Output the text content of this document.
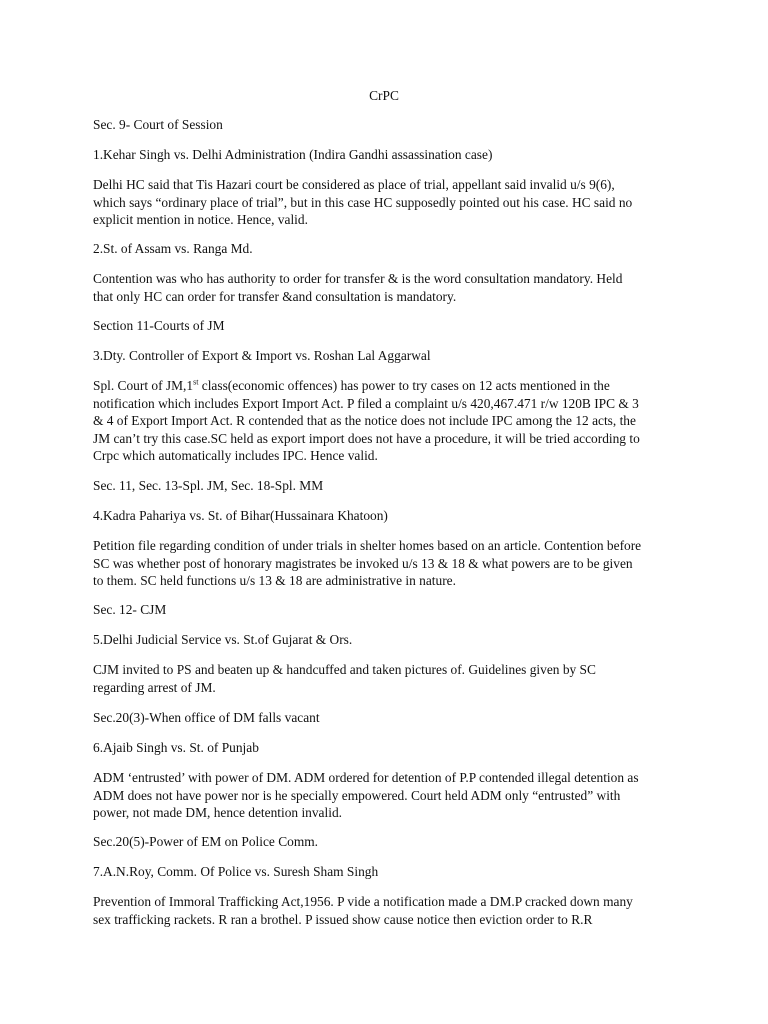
CrPC

Sec. 9- Court of Session

1.Kehar Singh vs. Delhi Administration (Indira Gandhi assassination case)

Delhi HC said that Tis Hazari court be considered as place of trial, appellant said invalid u/s 9(6),
which says “ordinary place of trial”, but in this case HC supposedly pointed out his case. HC said no
explicit mention in notice. Hence, valid.

2.St. of Assam vs. Ranga Md.

Contention was who has authority to order for transfer & is the word consultation mandatory. Held
that only HC can order for transfer &and consultation is mandatory.

Section 11-Courts of JM

3.Dty. Controller of Export & Import vs. Roshan Lal Aggarwal

Spl. Court of JM,1st class(economic offences) has power to try cases on 12 acts mentioned in the
notification which includes Export Import Act. P filed a complaint u/s 420,467.471 r/w 120B IPC & 3
& 4 of Export Import Act. R contended that as the notice does not include IPC among the 12 acts, the
JM can’t try this case.SC held as export import does not have a procedure, it will be tried according to
Crpc which automatically includes IPC. Hence valid.

Sec. 11, Sec. 13-Spl. JM, Sec. 18-Spl. MM

4.Kadra Pahariya vs. St. of Bihar(Hussainara Khatoon)

Petition file regarding condition of under trials in shelter homes based on an article. Contention before
SC was whether post of honorary magistrates be invoked u/s 13 & 18 & what powers are to be given
to them. SC held functions u/s 13 & 18 are administrative in nature.

Sec. 12- CJM

5.Delhi Judicial Service vs. St.of Gujarat & Ors.

CJM invited to PS and beaten up & handcuffed and taken pictures of. Guidelines given by SC
regarding arrest of JM.

Sec.20(3)-When office of DM falls vacant

6.Ajaib Singh vs. St. of Punjab

ADM ‘entrusted’ with power of DM. ADM ordered for detention of P.P contended illegal detention as
ADM does not have power nor is he specially empowered. Court held ADM only “entrusted” with
power, not made DM, hence detention invalid.

Sec.20(5)-Power of EM on Police Comm.

7.A.N.Roy, Comm. Of Police vs. Suresh Sham Singh

Prevention of Immoral Trafficking Act,1956. P vide a notification made a DM.P cracked down many
sex trafficking rackets. R ran a brothel. P issued show cause notice then eviction order to R.R
